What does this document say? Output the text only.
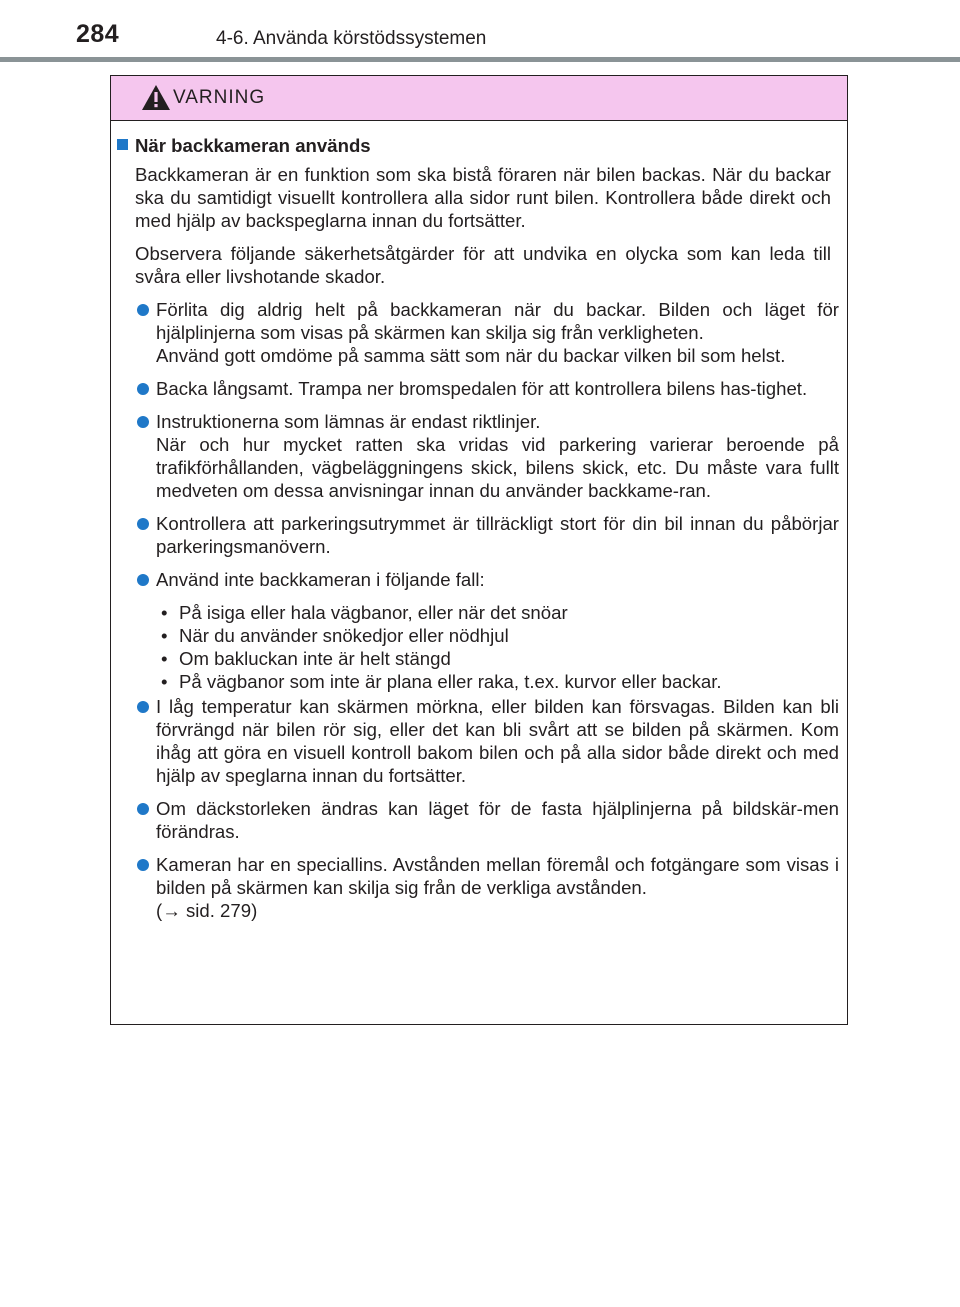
284	4-6. Använda körstödssystemen
VARNING
När backkameran används
Backkameran är en funktion som ska bistå föraren när bilen backas. När du backar ska du samtidigt visuellt kontrollera alla sidor runt bilen. Kontrollera både direkt och med hjälp av backspeglarna innan du fortsätter.
Observera följande säkerhetsåtgärder för att undvika en olycka som kan leda till svåra eller livshotande skador.

Förlita dig aldrig helt på backkameran när du backar. Bilden och läget för hjälplinjerna som visas på skärmen kan skilja sig från verkligheten.

Använd gott omdöme på samma sätt som när du backar vilken bil som helst.

Backa långsamt. Trampa ner bromspedalen för att kontrollera bilens has-tighet.

Instruktionerna som lämnas är endast riktlinjer.

När och hur mycket ratten ska vridas vid parkering varierar beroende på trafikförhållanden, vägbeläggningens skick, bilens skick, etc. Du måste vara fullt medveten om dessa anvisningar innan du använder backkame-ran.

Kontrollera att parkeringsutrymmet är tillräckligt stort för din bil innan du påbörjar parkeringsmanövern.

Använd inte backkameran i följande fall:

• På isiga eller hala vägbanor, eller när det snöar
• När du använder snökedjor eller nödhjul
• Om bakluckan inte är helt stängd
• På vägbanor som inte är plana eller raka, t.ex. kurvor eller backar.

I låg temperatur kan skärmen mörkna, eller bilden kan försvagas. Bilden kan bli förvrängd när bilen rör sig, eller det kan bli svårt att se bilden på skärmen. Kom ihåg att göra en visuell kontroll bakom bilen och på alla sidor både direkt och med hjälp av speglarna innan du fortsätter.

Om däckstorleken ändras kan läget för de fasta hjälplinjerna på bildskär-men förändras.

Kameran har en speciallins. Avstånden mellan föremål och fotgängare som visas i bilden på skärmen kan skilja sig från de verkliga avstånden.

(→ sid. 279)
